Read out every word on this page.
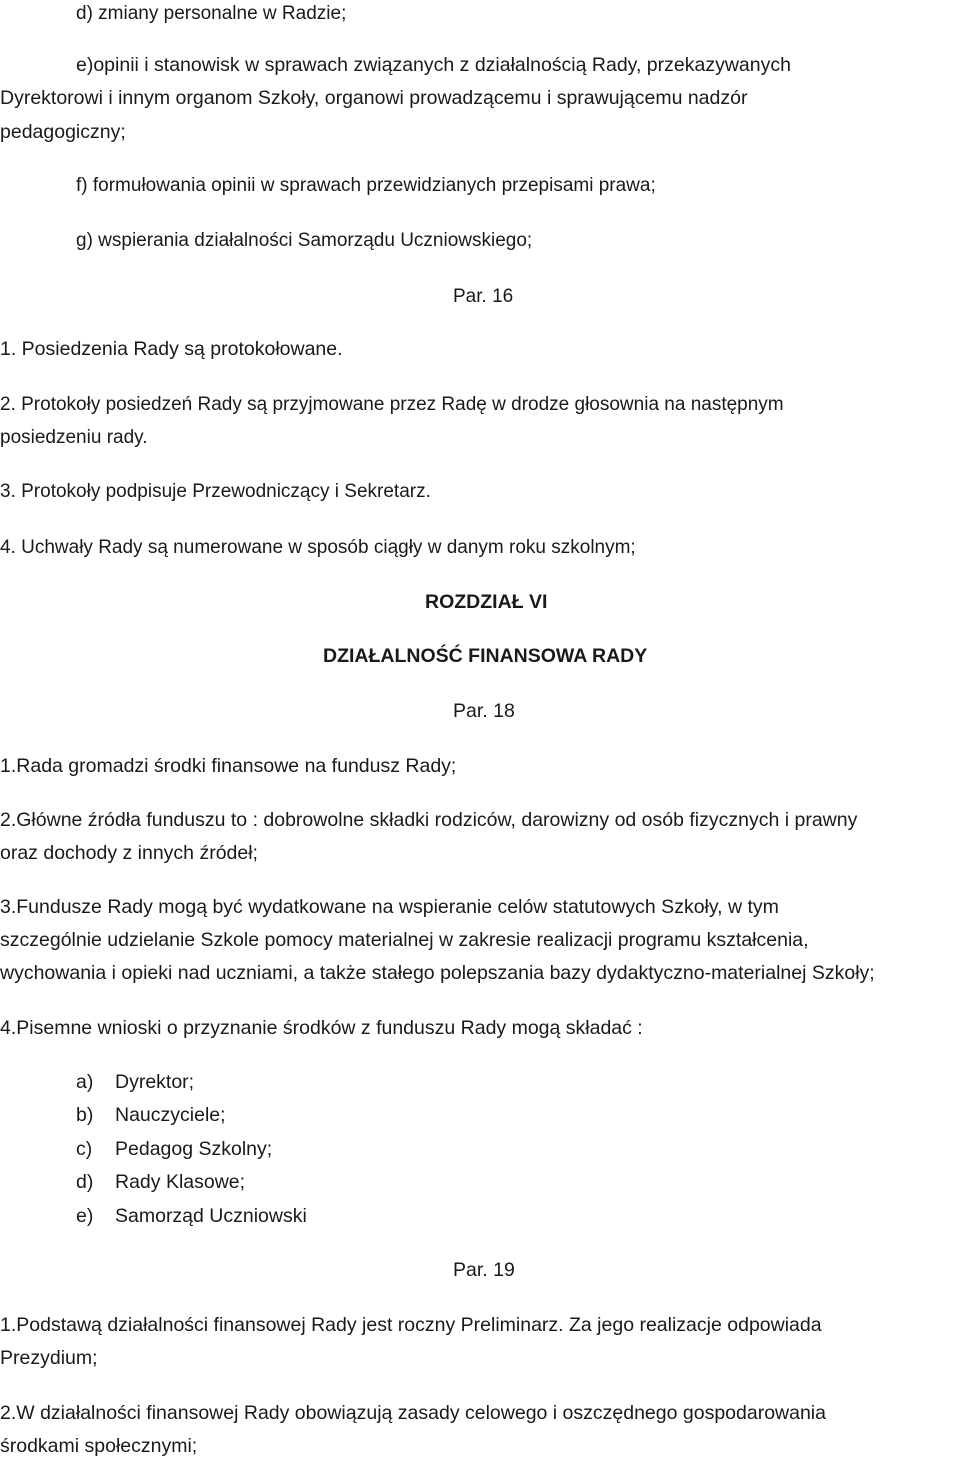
d) zmiany personalne w Radzie;
e)opinii i stanowisk w sprawach związanych z działalnością Rady, przekazywanych
Dyrektorowi i innym organom Szkoły, organowi prowadzącemu i sprawującemu nadzór
pedagogiczny;
f) formułowania opinii w sprawach przewidzianych przepisami prawa;
g) wspierania działalności Samorządu Uczniowskiego;
Par. 16
1. Posiedzenia Rady są protokołowane.
2. Protokoły posiedzeń Rady są przyjmowane przez Radę w drodze głosownia na następnym
posiedzeniu rady.
3. Protokoły podpisuje Przewodniczący i Sekretarz.
4. Uchwały Rady są numerowane w sposób ciągły w danym roku szkolnym;
ROZDZIAŁ VI
DZIAŁALNOŚĆ FINANSOWA RADY
Par. 18
1.Rada gromadzi środki finansowe na fundusz Rady;
2.Główne źródła funduszu to : dobrowolne składki rodziców, darowizny od osób fizycznych i prawny
oraz dochody z innych źródeł;
3.Fundusze Rady mogą być wydatkowane na wspieranie celów statutowych Szkoły, w tym
szczególnie udzielanie Szkole pomocy materialnej w zakresie realizacji programu kształcenia,
wychowania i opieki nad uczniami, a także stałego polepszania bazy dydaktyczno-materialnej Szkoły;
4.Pisemne wnioski o przyznanie środków z funduszu Rady mogą składać :
a) Dyrektor;
b) Nauczyciele;
c) Pedagog Szkolny;
d) Rady Klasowe;
e) Samorząd Uczniowski
Par. 19
1.Podstawą działalności finansowej Rady jest roczny Preliminarz. Za jego realizacje odpowiada
Prezydium;
2.W działalności finansowej Rady obowiązują zasady celowego i oszczędnego gospodarowania
środkami społecznymi;
